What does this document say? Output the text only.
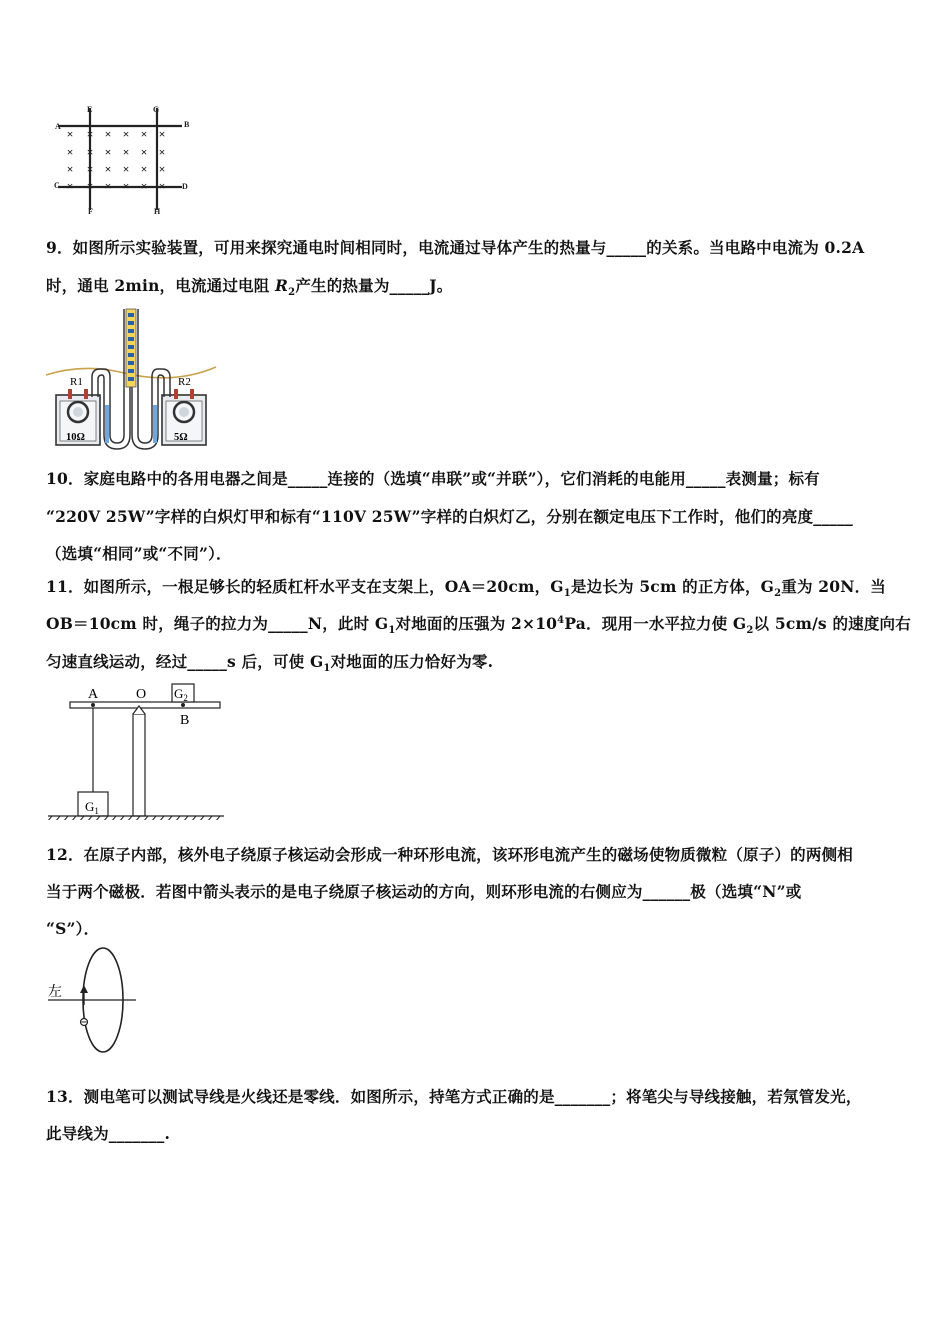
×
×
×
×
×
×
×
×
×
×
×
×
×
×
×
×
×
×
×
×
×
×
×
×
A
E	G
B
C
F	H
D
9．如图所示实验装置，可用来探究通电时间相同时，电流通过导体产生的热量与_____的关系。当电路中电流为 0.2A
时，通电 2min，电流通过电阻 $R_2$产生的热量为_____J。
R1	R2
10Ω	5Ω
10．家庭电路中的各用电器之间是_____连接的（选填“串联”或“并联”），它们消耗的电能用_____表测量；标有
“220V 25W”字样的白炽灯甲和标有“110V 25W”字样的白炽灯乙，分别在额定电压下工作时，他们的亮度_____
（选填“相同”或“不同”）．
11．如图所示，一根足够长的轻质杠杆水平支在支架上，OA＝20cm，$G_1$是边长为 5cm 的正方体，$G_2$重为 20N．当
OB＝10cm 时，绳子的拉力为_____N，此时 $G_1$对地面的压强为 $2\times 10^4Pa$．现用一水平拉力使 $G_2$以 5cm/s 的速度向右
匀速直线运动，经过_____s 后，可使 $G_1$对地面的压力恰好为零.
A	O
B
$G_2$
$G_1$
12．在原子内部，核外电子绕原子核运动会形成一种环形电流，该环形电流产生的磁场使物质微粒（原子）的两侧相
当于两个磁极．若图中箭头表示的是电子绕原子核运动的方向，则环形电流的右侧应为______极（选填“N”或
“S”）．
左
13．测电笔可以测试导线是火线还是零线．如图所示，持笔方式正确的是_______；将笔尖与导线接触，若氖管发光，
此导线为_______.
